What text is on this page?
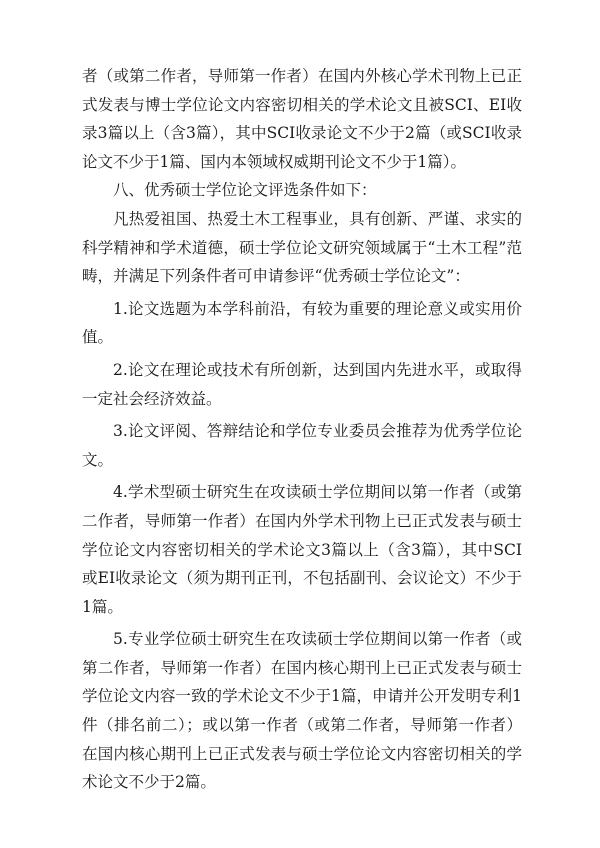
者（或第二作者，导师第一作者）在国内外核心学术刊物上已正式发表与博士学位论文内容密切相关的学术论文且被SCI、EI收录3篇以上（含3篇），其中SCI收录论文不少于2篇（或SCI收录论文不少于1篇、国内本领域权威期刊论文不少于1篇）。

八、优秀硕士学位论文评选条件如下：

凡热爱祖国、热爱土木工程事业，具有创新、严谨、求实的科学精神和学术道德，硕士学位论文研究领域属于“土木工程”范畴，并满足下列条件者可申请参评“优秀硕士学位论文”：

1.论文选题为本学科前沿，有较为重要的理论意义或实用价值。

2.论文在理论或技术有所创新，达到国内先进水平，或取得一定社会经济效益。

3.论文评阅、答辩结论和学位专业委员会推荐为优秀学位论文。

4.学术型硕士研究生在攻读硕士学位期间以第一作者（或第二作者，导师第一作者）在国内外学术刊物上已正式发表与硕士学位论文内容密切相关的学术论文3篇以上（含3篇），其中SCI或EI收录论文（须为期刊正刊，不包括副刊、会议论文）不少于1篇。

5.专业学位硕士研究生在攻读硕士学位期间以第一作者（或第二作者，导师第一作者）在国内核心期刊上已正式发表与硕士学位论文内容一致的学术论文不少于1篇，申请并公开发明专利1件（排名前二）；或以第一作者（或第二作者，导师第一作者）在国内核心期刊上已正式发表与硕士学位论文内容密切相关的学术论文不少于2篇。
